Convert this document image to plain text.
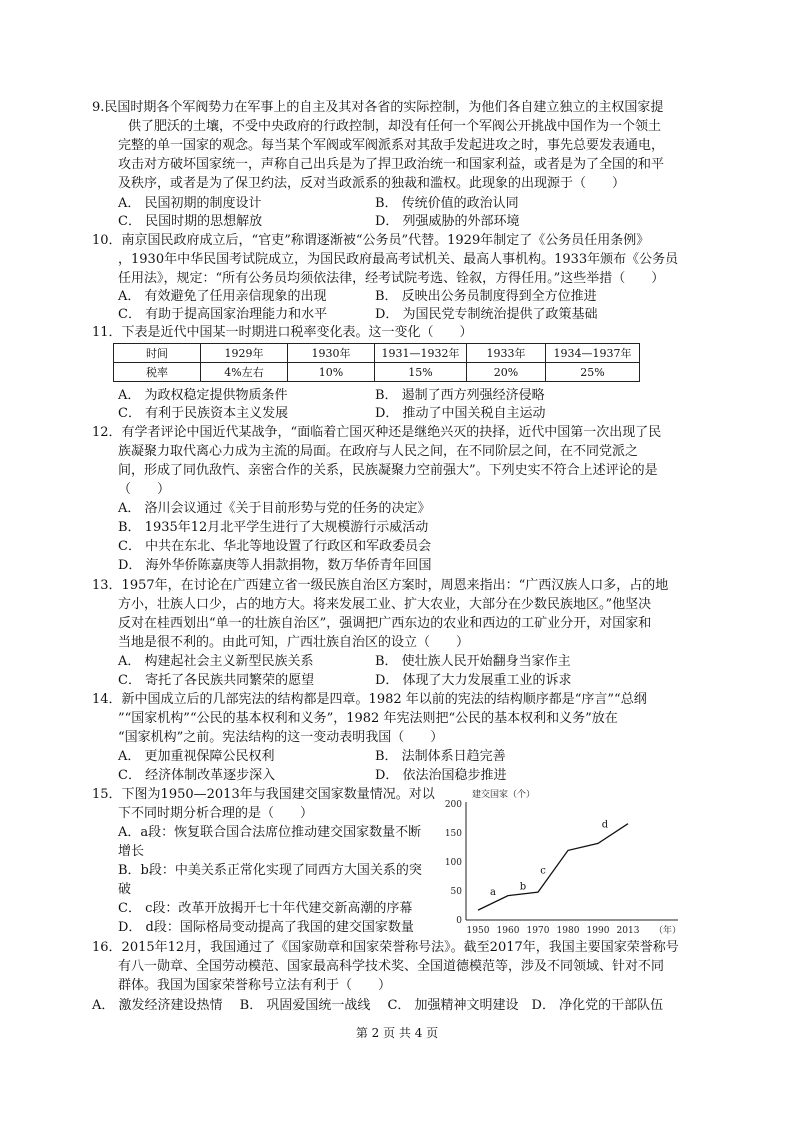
9.民国时期各个军阀势力在军事上的自主及其对各省的实际控制，为他们各自建立独立的主权国家提
供了肥沃的土壤，不受中央政府的行政控制，却没有任何一个军阀公开挑战中国作为一个领土
完整的单一国家的观念。每当某个军阀或军阀派系对其敌手发起进攻之时，事先总要发表通电，
攻击对方破坏国家统一，声称自己出兵是为了捍卫政治统一和国家利益，或者是为了全国的和平
及秩序，或者是为了保卫约法，反对当政派系的独裁和滥权。此现象的出现源于（　　）
A． 民国初期的制度设计	B． 传统价值的政治认同
C． 民国时期的思想解放	D． 列强威胁的外部环境
10．南京国民政府成立后，“官吏”称谓逐渐被“公务员”代替。1929年制定了《公务员任用条例》
，1930年中华民国考试院成立，为国民政府最高考试机关、最高人事机构。1933年颁布《公务员
任用法》，规定：“所有公务员均须依法律，经考试院考选、铨叙，方得任用。”这些举措（　　）
A． 有效避免了任用亲信现象的出现	B． 反映出公务员制度得到全方位推进
C． 有助于提高国家治理能力和水平	D． 为国民党专制统治提供了政策基础
11．下表是近代中国某一时期进口税率变化表。这一变化（　　）
时间	1929年	1930年	1931—1932年	1933年	1934—1937年
税率	4%左右	10%	15%	20%	25%
A． 为政权稳定提供物质条件	B． 遏制了西方列强经济侵略
C． 有利于民族资本主义发展	D． 推动了中国关税自主运动
12．有学者评论中国近代某战争，“面临着亡国灭种还是继绝兴灭的抉择，近代中国第一次出现了民
族凝聚力取代离心力成为主流的局面。在政府与人民之间，在不同阶层之间，在不同党派之
间，形成了同仇敌忾、亲密合作的关系，民族凝聚力空前强大”。下列史实不符合上述评论的是
（　　）
A． 洛川会议通过《关于目前形势与党的任务的决定》
B． 1935年12月北平学生进行了大规模游行示威活动
C． 中共在东北、华北等地设置了行政区和军政委员会
D． 海外华侨陈嘉庚等人捐款捐物，数万华侨青年回国
13．1957年，在讨论在广西建立省一级民族自治区方案时，周恩来指出：“广西汉族人口多，占的地
方小，壮族人口少，占的地方大。将来发展工业、扩大农业，大部分在少数民族地区。”他坚决
反对在桂西划出“单一的壮族自治区”，强调把广西东边的农业和西边的工矿业分开，对国家和
当地是很不利的。由此可知，广西壮族自治区的设立（　　）
A． 构建起社会主义新型民族关系	B． 使壮族人民开始翻身当家作主
C． 寄托了各民族共同繁荣的愿望	D． 体现了大力发展重工业的诉求
14．新中国成立后的几部宪法的结构都是四章。1982 年以前的宪法的结构顺序都是“序言”“总纲
”“国家机构”“公民的基本权利和义务”，1982 年宪法则把“公民的基本权利和义务”放在
“国家机构”之前。宪法结构的这一变动表明我国（　　）
A． 更加重视保障公民权利	B． 法制体系日趋完善
C． 经济体制改革逐步深入	D． 依法治国稳步推进
15．下图为1950—2013年与我国建交国家数量情况。对以
下不同时期分析合理的是（　　）
A．a段：恢复联合国合法席位推动建交国家数量不断
增长
B．b段：中美关系正常化实现了同西方大国关系的突
破
C． c段：改革开放揭开七十年代建交新高潮的序幕
D． d段：国际格局变动提高了我国的建交国家数量	0
50
100
150
200
1950 1960 1970 1980 1990 2013 （年）
建交国家（个）
a b
c
d
16．2015年12月，我国通过了《国家勋章和国家荣誉称号法》。截至2017年，我国主要国家荣誉称号
有八一勋章、全国劳动模范、国家最高科学技术奖、全国道德模范等，涉及不同领域、针对不同
群体。我国为国家荣誉称号立法有利于（　　）
A． 激发经济建设热情　 B． 巩固爱国统一战线　 C． 加强精神文明建设　D． 净化党的干部队伍
第 2 页 共 4 页
